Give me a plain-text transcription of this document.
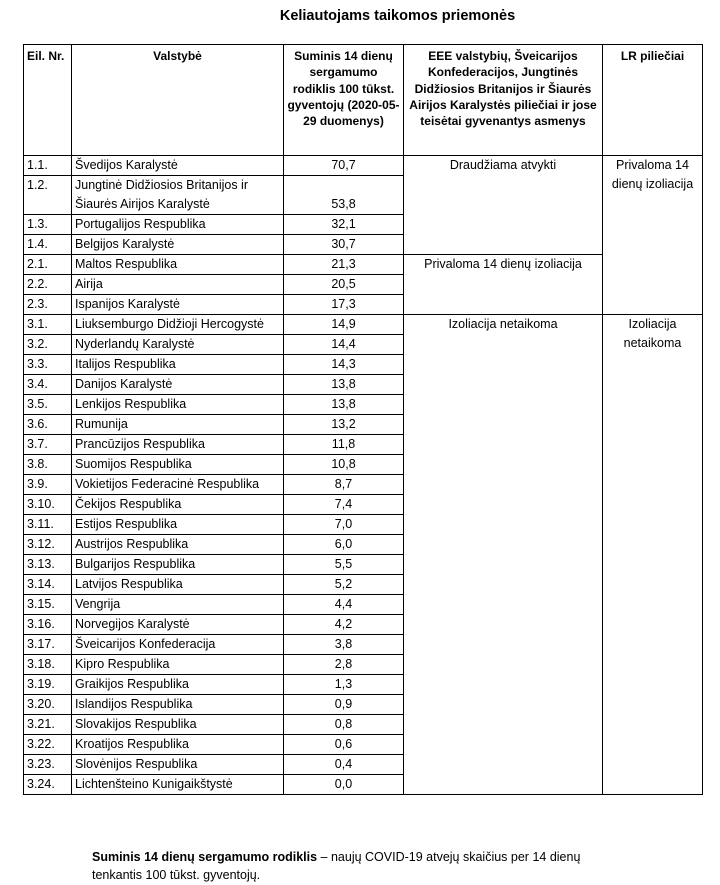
Keliautojams taikomos priemonės
Eil. Nr.	Valstybė	Suminis 14 dienų sergamumo rodiklis 100 tūkst. gyventojų (2020-05-29 duomenys)	EEE valstybių, Šveicarijos Konfederacijos, Jungtinės Didžiosios Britanijos ir Šiaurės Airijos Karalystės piliečiai ir jose teisėtai gyvenantys asmenys	LR piliečiai
1.1.	Švedijos Karalystė	70,7	Draudžiama atvykti	Privaloma 14 dienų izoliacija
1.2.	Jungtinė Didžiosios Britanijos ir Šiaurės Airijos Karalystė	53,8		
1.3.	Portugalijos Respublika	32,1		
1.4.	Belgijos Karalystė	30,7		
2.1.	Maltos Respublika	21,3	Privaloma 14 dienų izoliacija	
2.2.	Airija	20,5		
2.3.	Ispanijos Karalystė	17,3		
3.1.	Liuksemburgo Didžioji Hercogystė	14,9	Izoliacija netaikoma	Izoliacija netaikoma
3.2.	Nyderlandų Karalystė	14,4		
3.3.	Italijos Respublika	14,3		
3.4.	Danijos Karalystė	13,8		
3.5.	Lenkijos Respublika	13,8		
3.6.	Rumunija	13,2		
3.7.	Prancūzijos Respublika	11,8		
3.8.	Suomijos Respublika	10,8		
3.9.	Vokietijos Federacinė Respublika	8,7		
3.10.	Čekijos Respublika	7,4		
3.11.	Estijos Respublika	7,0		
3.12.	Austrijos Respublika	6,0		
3.13.	Bulgarijos Respublika	5,5		
3.14.	Latvijos Respublika	5,2		
3.15.	Vengrija	4,4		
3.16.	Norvegijos Karalystė	4,2		
3.17.	Šveicarijos Konfederacija	3,8		
3.18.	Kipro Respublika	2,8		
3.19.	Graikijos Respublika	1,3		
3.20.	Islandijos Respublika	0,9		
3.21.	Slovakijos Respublika	0,8		
3.22.	Kroatijos Respublika	0,6		
3.23.	Slovėnijos Respublika	0,4		
3.24.	Lichtenšteino Kunigaikštystė	0,0		
Suminis 14 dienų sergamumo rodiklis – naujų COVID-19 atvejų skaičius per 14 dienų tenkantis 100 tūkst. gyventojų.
